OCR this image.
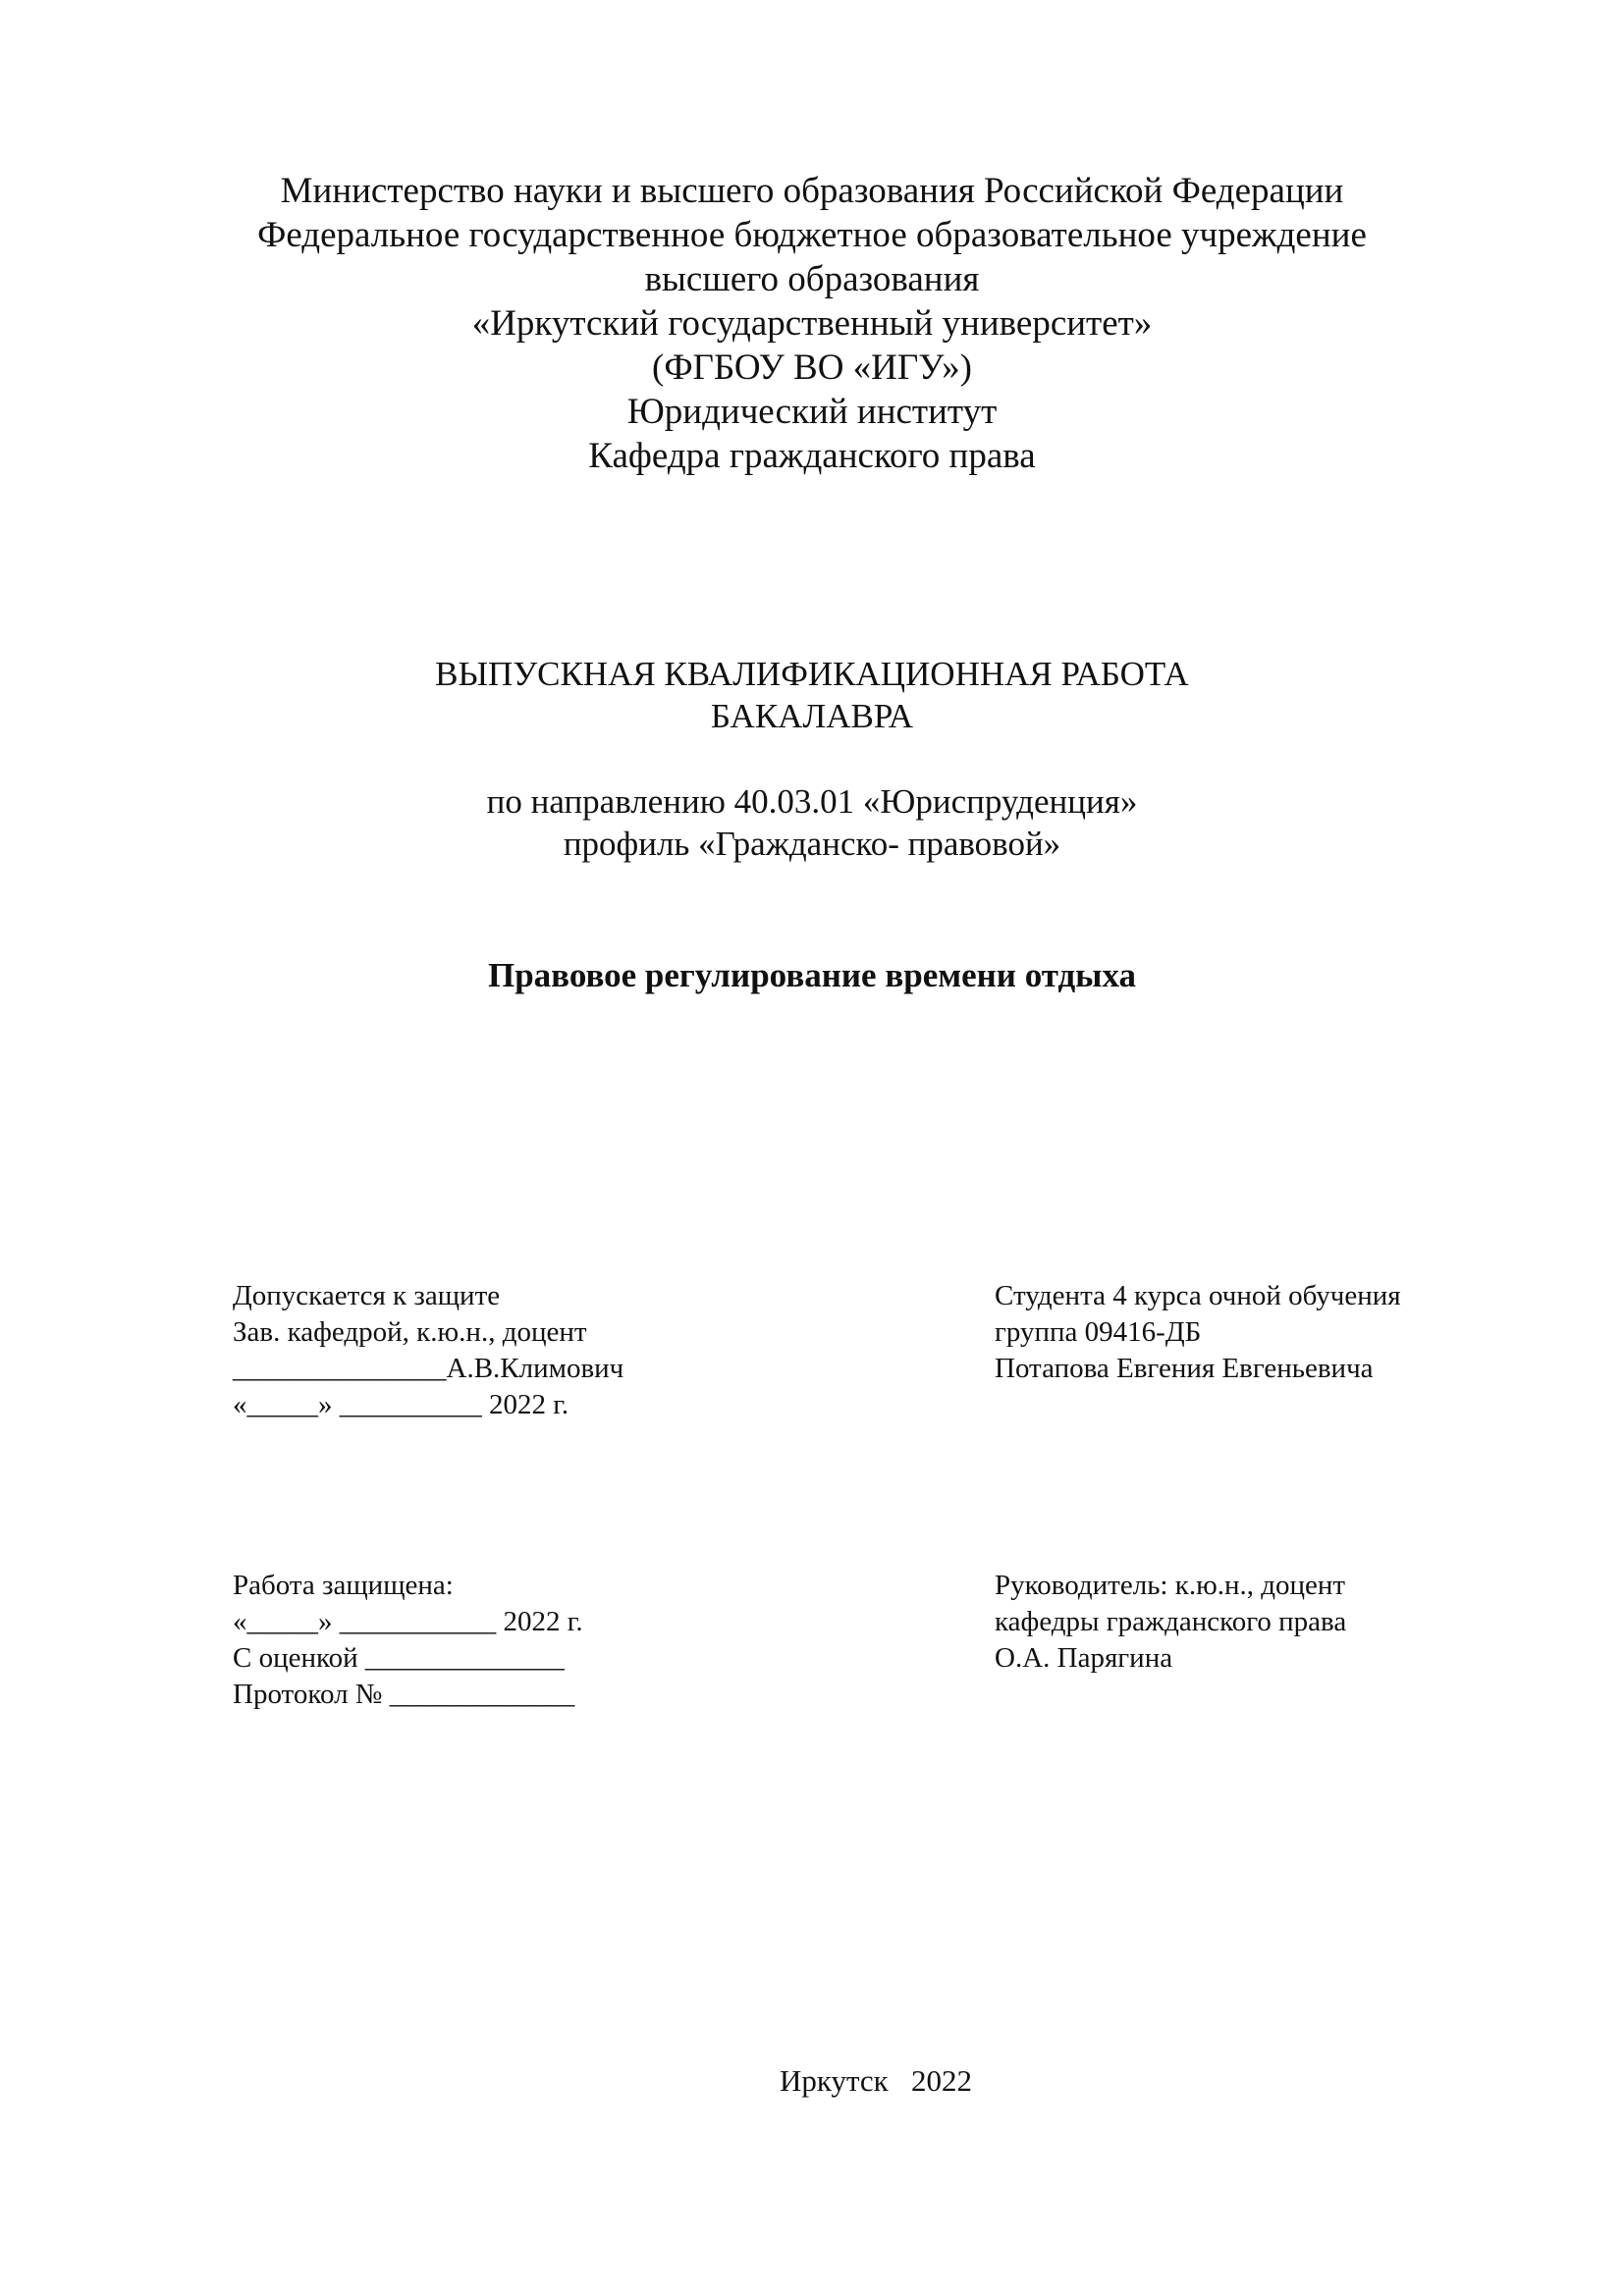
Министерство науки и высшего образования Российской Федерации
Федеральное государственное бюджетное образовательное учреждение
высшего образования
«Иркутский государственный университет»
(ФГБОУ ВО «ИГУ»)
Юридический институт
Кафедра гражданского права
ВЫПУСКНАЯ КВАЛИФИКАЦИОННАЯ РАБОТА
БАКАЛАВРА
по направлению 40.03.01 «Юриспруденция»
профиль «Гражданско- правовой»
Правовое регулирование времени отдыха
Допускается к защите
Зав. кафедрой, к.ю.н., доцент
_______________А.В.Климович
«_____» __________ 2022 г.
Студента 4 курса очной обучения
группа 09416-ДБ
Потапова Евгения Евгеньевича
Работа защищена:
«_____» ___________ 2022 г.
С оценкой ______________
Протокол № _____________
Руководитель: к.ю.н., доцент
кафедры гражданского права
О.А. Парягина
Иркутск 2022
